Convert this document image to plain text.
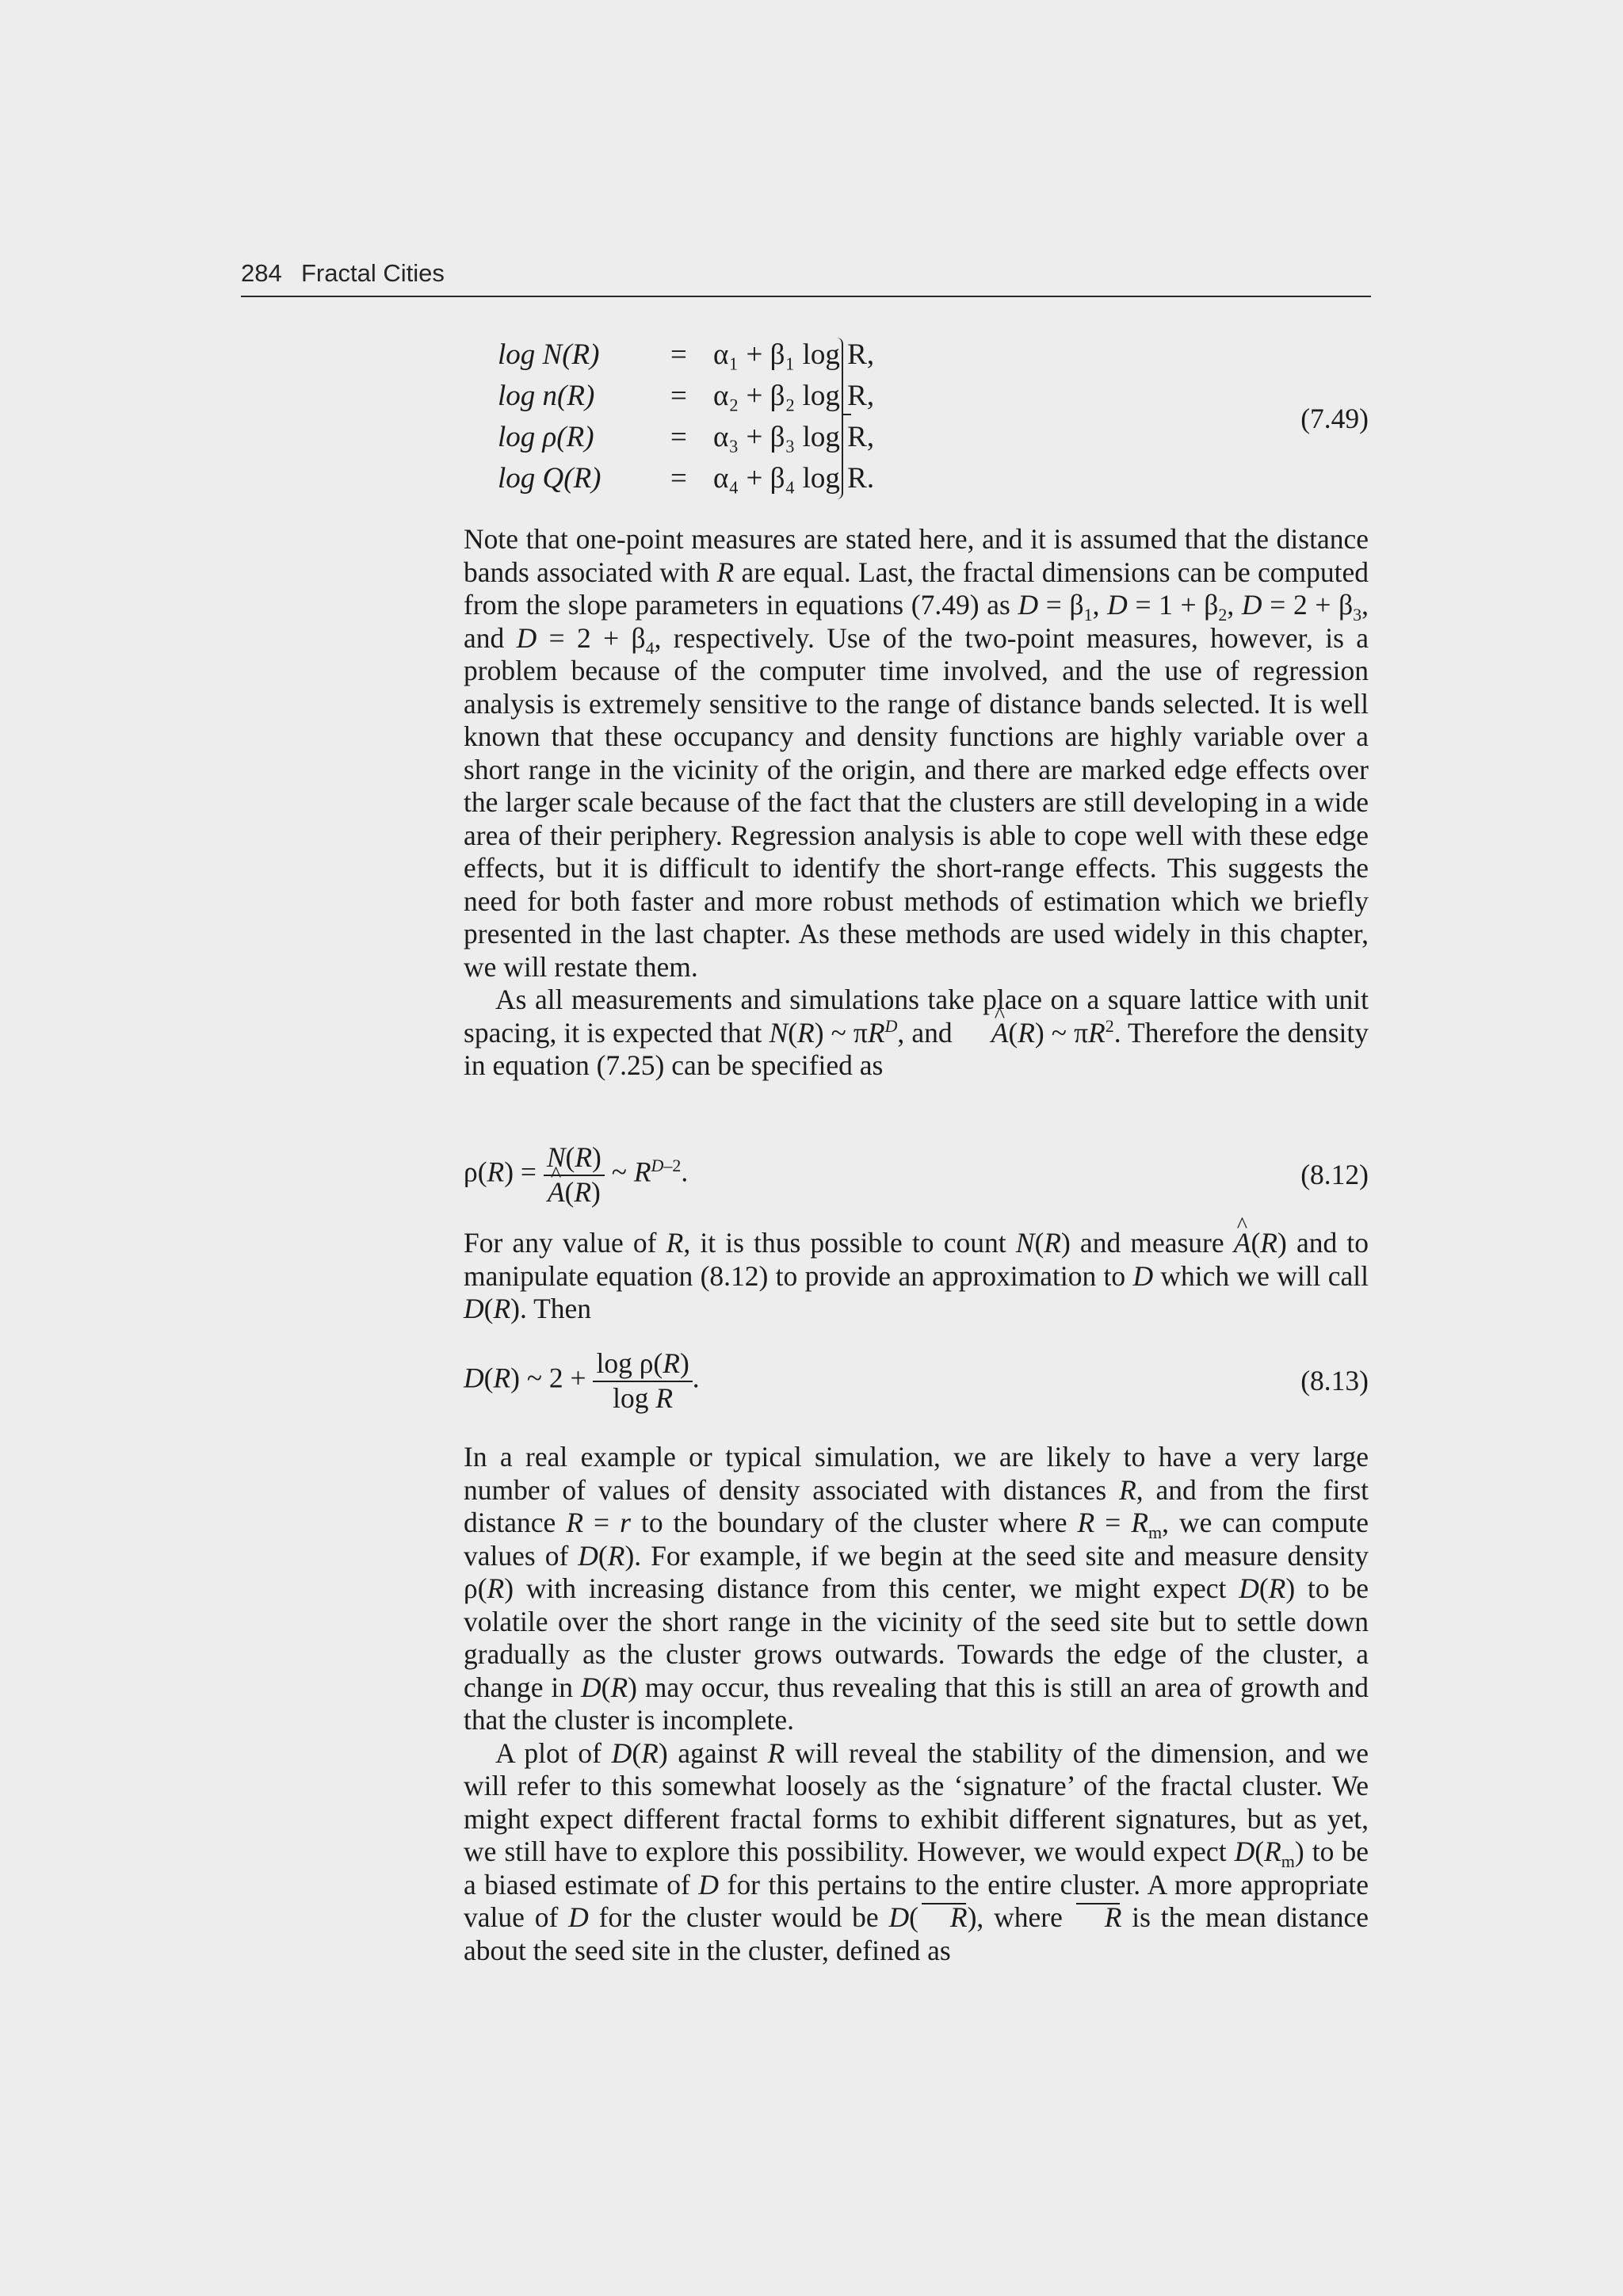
284 Fractal Cities
log N(R)	= α₁ + β₁ log R,
log n(R)	= α₂ + β₂ log R,
log ρ(R)	= α₃ + β₃ log R,
log Q(R)	= α₄ + β₄ log R.
(7.49)

Note that one-point measures are stated here, and it is assumed that the distance bands associated with R are equal. Last, the fractal dimensions can be computed from the slope parameters in equations (7.49) as $D = \beta_1$, $D = 1 + \beta_2$, $D = 2 + \beta_3$, and $D = 2 + \beta_4$, respectively. Use of the two-point measures, however, is a problem because of the computer time involved, and the use of regression analysis is extremely sensitive to the range of distance bands selected. It is well known that these occupancy and density functions are highly variable over a short range in the vicinity of the origin, and there are marked edge effects over the larger scale because of the fact that the clusters are still developing in a wide area of their periphery. Regression analysis is able to cope well with these edge effects, but it is difficult to identify the short-range effects. This suggests the need for both faster and more robust methods of estimation which we briefly presented in the last chapter. As these methods are used widely in this chapter, we will restate them.

As all measurements and simulations take place on a square lattice with unit spacing, it is expected that N(R) ~ $\pi R^D$, and ^ A(R) ~ $\pi R^2$. Therefore the density in equation (7.25) can be specified as

ρ(R) = N(R)
^ A(R) ~ $R^{D-2}$.	(8.12)

For any value of R, it is thus possible to count N(R) and measure ^ A(R) and to manipulate equation (8.12) to provide an approximation to D which we will call D(R). Then

D(R) ~ $2 + \frac{\text{log ρ(R)}}{\text{log R}}$ .	(8.13)

In a real example or typical simulation, we are likely to have a very large number of values of density associated with distances R, and from the first distance R = r to the boundary of the cluster where $R = R_m$, we can compute values of D(R). For example, if we begin at the seed site and measure density ρ(R) with increasing distance from this center, we might expect D(R) to be volatile over the short range in the vicinity of the seed site but to settle down gradually as the cluster grows outwards. Towards the edge of the cluster, a change in D(R) may occur, thus revealing that this is still an area of growth and that the cluster is incomplete.

A plot of D(R) against R will reveal the stability of the dimension, and we will refer to this somewhat loosely as the ‘signature’ of the fractal cluster. We might expect different fractal forms to exhibit different signatures, but as yet, we still have to explore this possibility. However, we would expect $D(R_m)$ to be a biased estimate of D for this pertains to the entire cluster. A more appropriate value of D for the cluster would be D( R), where R is the mean distance about the seed site in the cluster, defined as
